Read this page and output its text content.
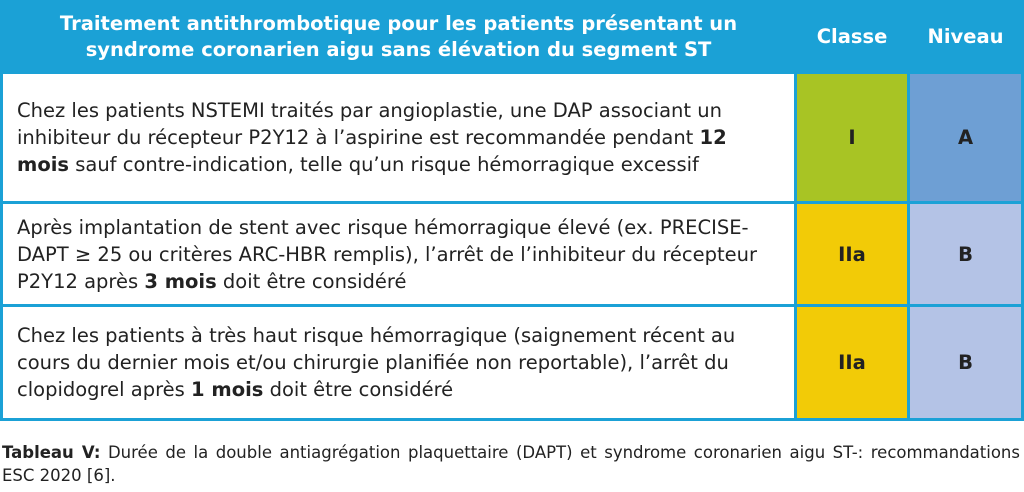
Traitement antithrombotique pour les patients présentant un syndrome coronarien aigu sans élévation du segment ST	Classe	Niveau
Chez les patients NSTEMI traités par angioplastie, une DAP associant un inhibiteur du récepteur P2Y12 à l’aspirine est recommandée pendant 12 mois sauf contre-indication, telle qu’un risque hémorragique excessif	I	A
Après implantation de stent avec risque hémorragique élevé (ex. PRECISE-DAPT ≥ 25 ou critères ARC-HBR remplis), l’arrêt de l’inhibiteur du récepteur P2Y12 après 3 mois doit être considéré	IIa	B
Chez les patients à très haut risque hémorragique (saignement récent au cours du dernier mois et/ou chirurgie planifiée non reportable), l’arrêt du clopidogrel après 1 mois doit être considéré	IIa	B
Tableau V: Durée de la double antiagrégation plaquettaire (DAPT) et syndrome coronarien aigu ST-: recommandations ESC 2020 [6].
